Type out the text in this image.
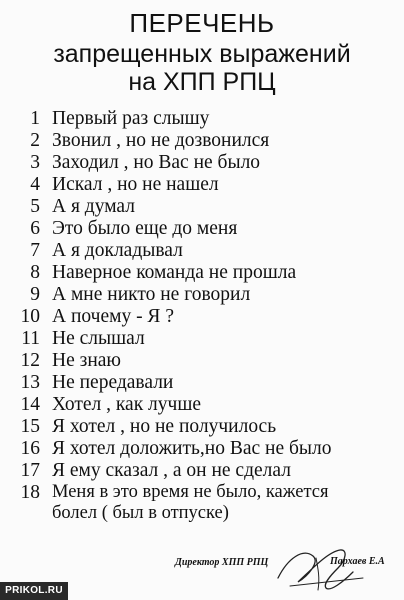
ПЕРЕЧЕНЬ
запрещенных выражений
на ХПП РПЦ
1 Первый раз слышу
2 Звонил , но не дозвонился
3 Заходил , но Вас не было
4 Искал , но не нашел
5 А я думал
6 Это было еще до меня
7 А я докладывал
8 Наверное команда не прошла
9 А мне никто не говорил
10 А почему - Я ?
11 Не слышал
12 Не знаю
13 Не передавали
14 Хотел , как лучше
15 Я хотел , но не получилось
16 Я хотел доложить,но Вас не было
17 Я ему сказал , а он не сделал
18 Меня в это время не было, кажется болел ( был в отпуске)
Директор ХПП РПЦ	Пархаев Е.А
PRIKOL.RU
